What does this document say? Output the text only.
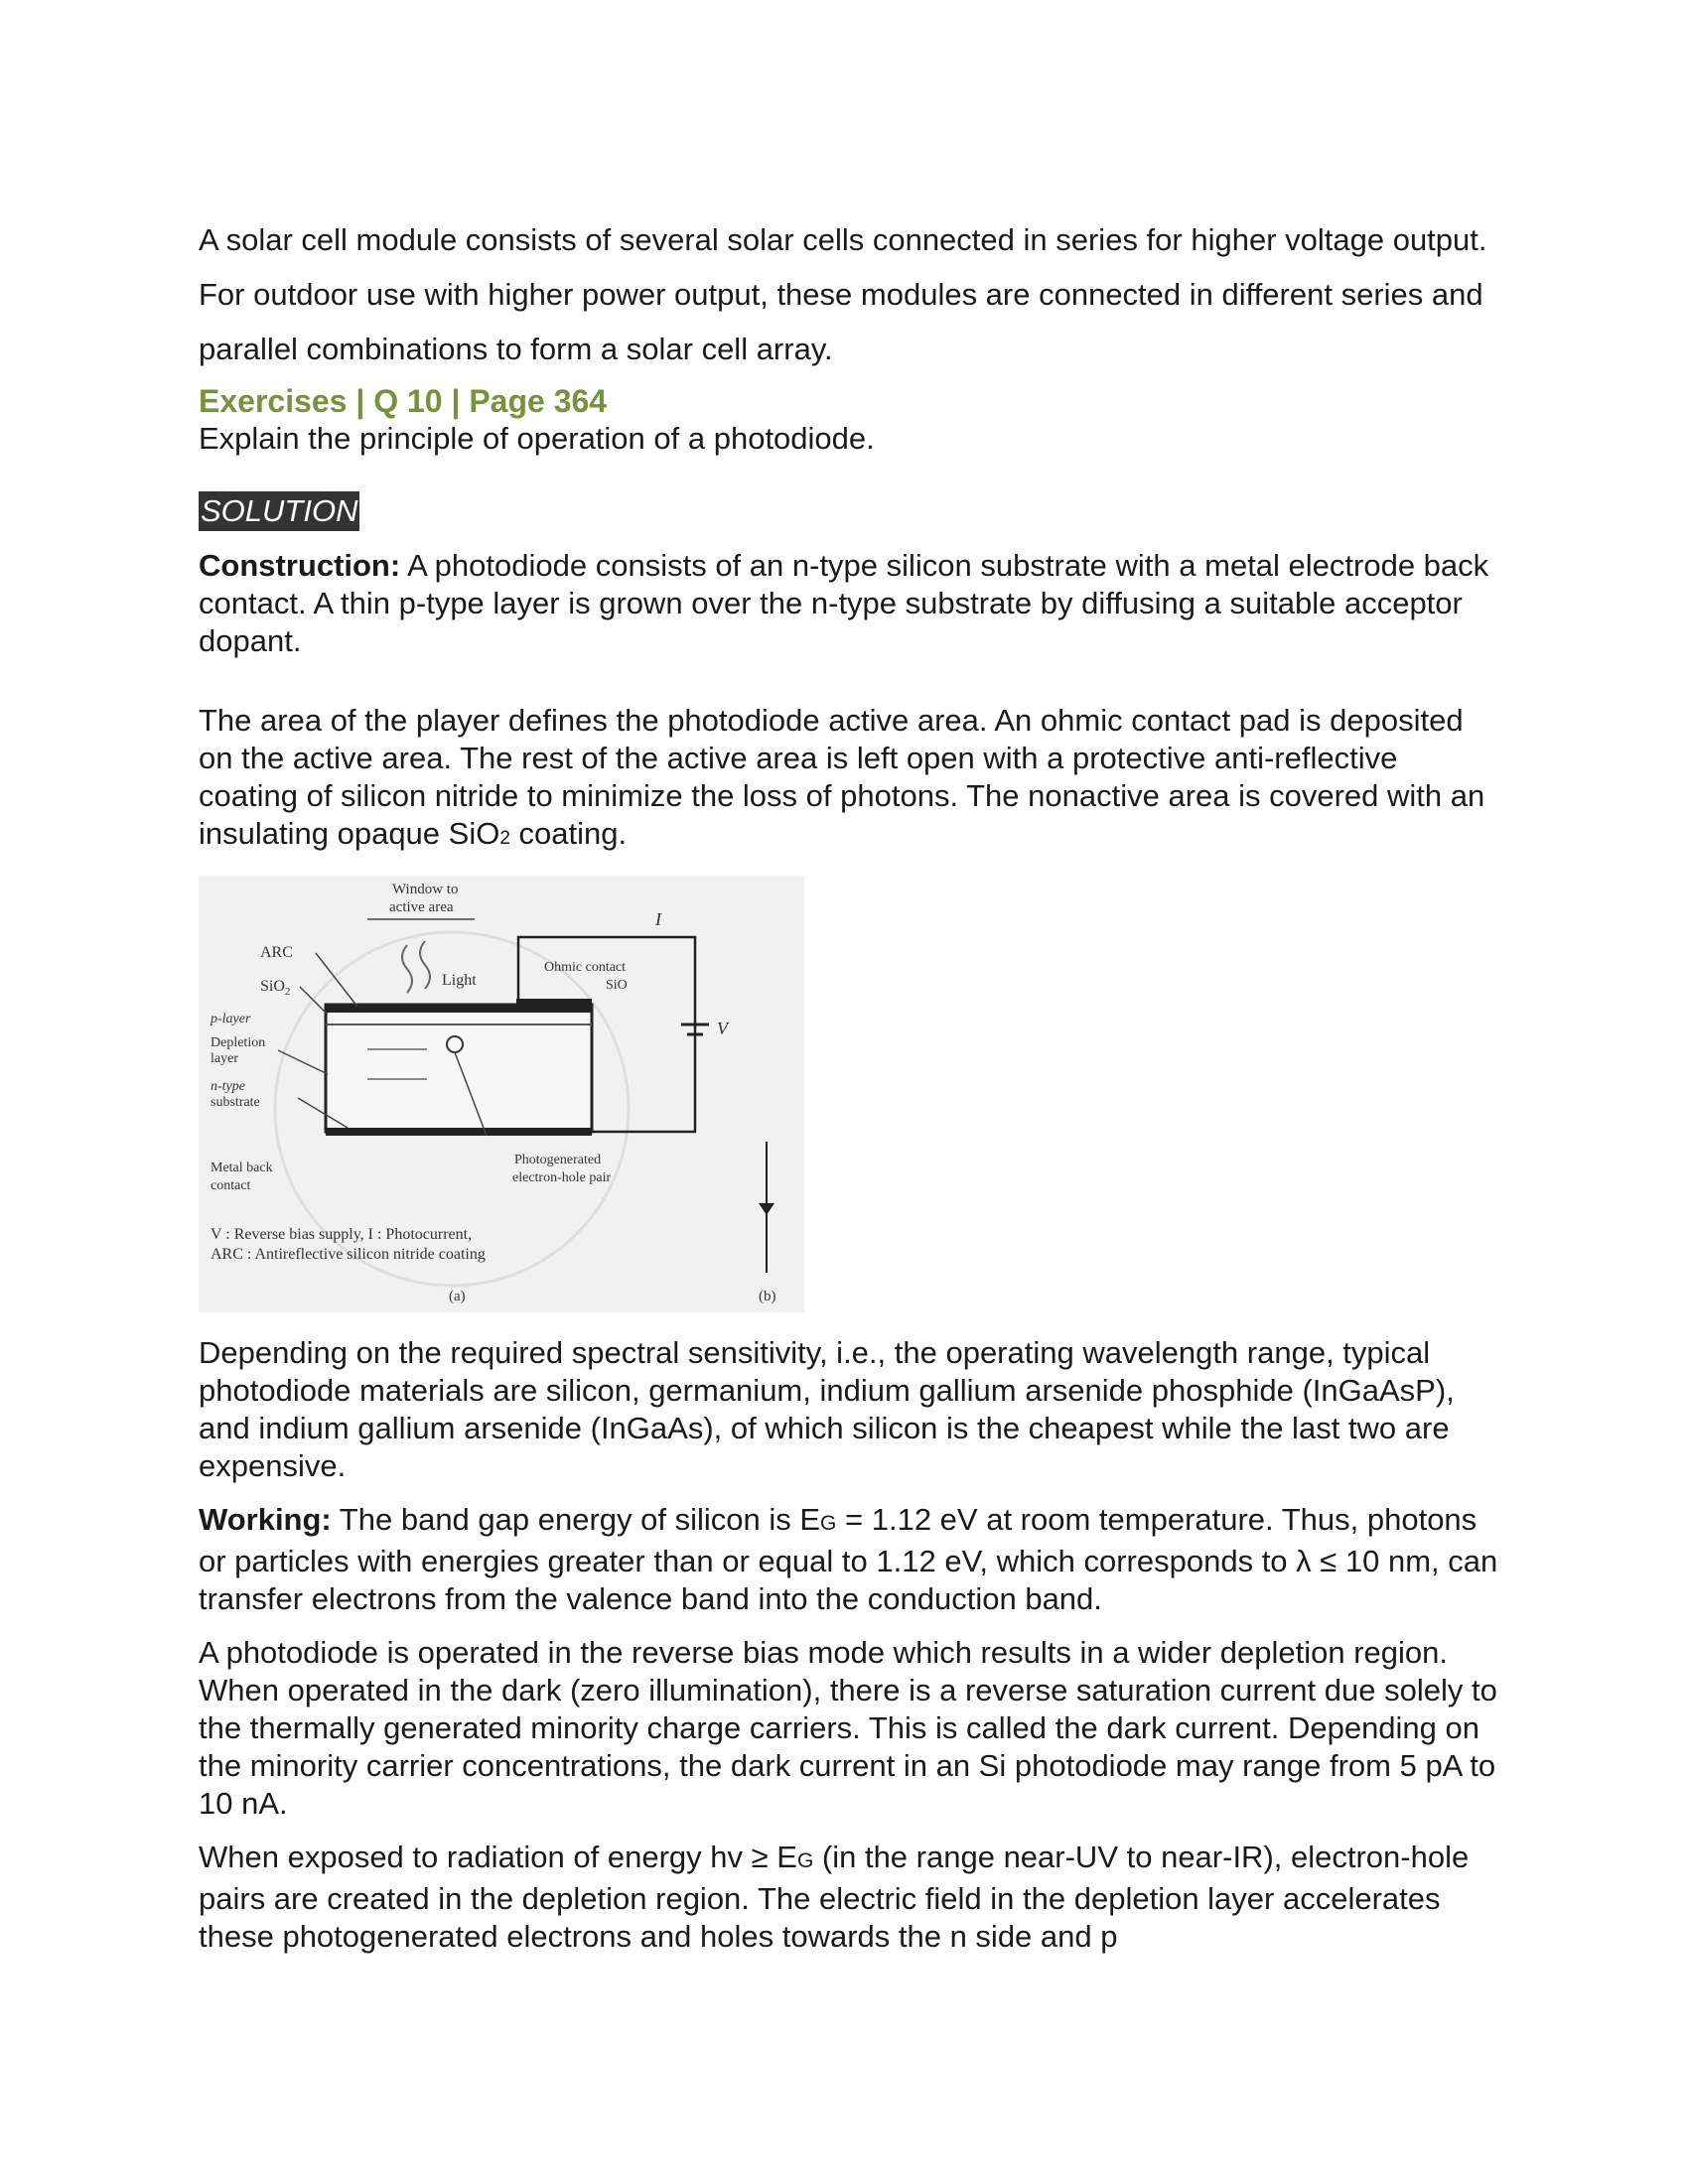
A solar cell module consists of several solar cells connected in series for higher voltage output. For outdoor use with higher power output, these modules are connected in different series and parallel combinations to form a solar cell array.

Exercises | Q 10 | Page 364

Explain the principle of operation of a photodiode.

SOLUTION

Construction: A photodiode consists of an n-type silicon substrate with a metal electrode back contact. A thin p-type layer is grown over the n-type substrate by diffusing a suitable acceptor dopant.

The area of the player defines the photodiode active area. An ohmic contact pad is deposited on the active area. The rest of the active area is left open with a protective anti-reflective coating of silicon nitride to minimize the loss of photons. The nonactive area is covered with an insulating opaque SiO2 coating.

Window to
active area
ARC
SiO$_2$
p-layer
Depletion
layer
n-type
substrate
Metal back
contact
Light
Ohmic contact
SiO
I
V
Photogenerated
electron-hole pair
V : Reverse bias supply, I : Photocurrent,
ARC : Antireflective silicon nitride coating
(a)	(b)

Depending on the required spectral sensitivity, i.e., the operating wavelength range, typical photodiode materials are silicon, germanium, indium gallium arsenide phosphide (InGaAsP), and indium gallium arsenide (InGaAs), of which silicon is the cheapest while the last two are expensive.

Working: The band gap energy of silicon is EG = 1.12 eV at room temperature. Thus, photons or particles with energies greater than or equal to 1.12 eV, which corresponds to λ ≤ 10 nm, can transfer electrons from the valence band into the conduction band.

A photodiode is operated in the reverse bias mode which results in a wider depletion region. When operated in the dark (zero illumination), there is a reverse saturation current due solely to the thermally generated minority charge carriers. This is called the dark current. Depending on the minority carrier concentrations, the dark current in an Si photodiode may range from 5 pA to 10 nA.

When exposed to radiation of energy hv ≥ EG (in the range near-UV to near-IR), electron-hole pairs are created in the depletion region. The electric field in the depletion layer accelerates these photogenerated electrons and holes towards the n side and p
